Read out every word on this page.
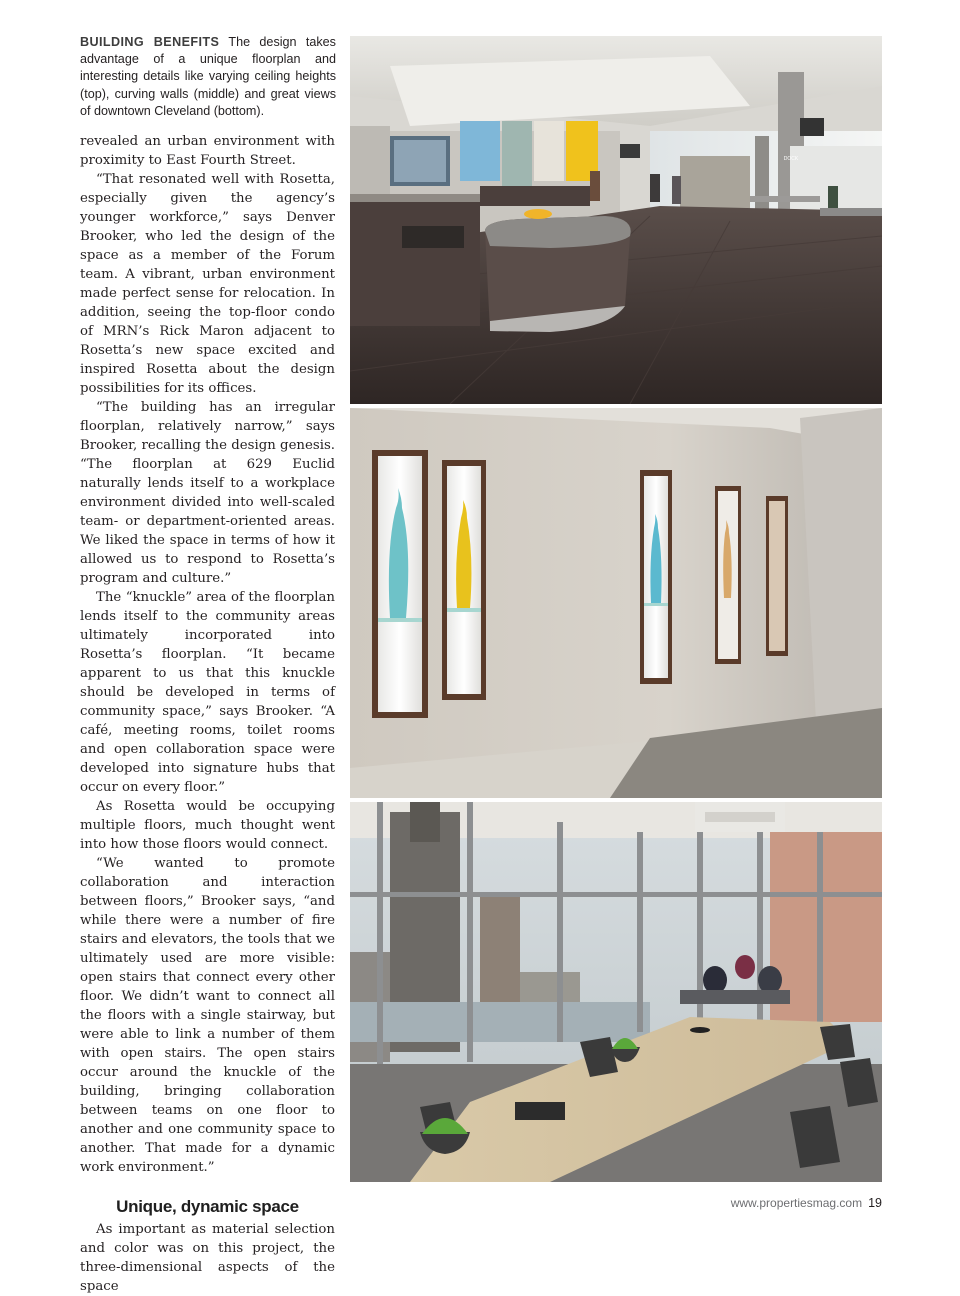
BUILDING BENEFITS The design takes advantage of a unique floorplan and interesting details like varying ceiling heights (top), curving walls (middle) and great views of downtown Cleveland (bottom).

revealed an urban environment with proximity to East Fourth Street.

“That resonated well with Rosetta, especially given the agency’s younger workforce,” says Denver Brooker, who led the design of the space as a member of the Forum team. A vibrant, urban environment made perfect sense for relocation. In addition, seeing the top-floor condo of MRN’s Rick Maron adjacent to Rosetta’s new space excited and inspired Rosetta about the design possibilities for its offices.

“The building has an irregular floorplan, relatively narrow,” says Brooker, recalling the design genesis. “The floorplan at 629 Euclid naturally lends itself to a workplace environment divided into well-scaled team- or department-oriented areas. We liked the space in terms of how it allowed us to respond to Rosetta’s program and culture.”

The “knuckle” area of the floorplan lends itself to the community areas ultimately incorporated into Rosetta’s floorplan. “It became apparent to us that this knuckle should be developed in terms of community space,” says Brooker. “A café, meeting rooms, toilet rooms and open collaboration space were developed into signature hubs that occur on every floor.”

As Rosetta would be occupying multiple floors, much thought went into how those floors would connect.

“We wanted to promote collaboration and interaction between floors,” Brooker says, “and while there were a number of fire stairs and elevators, the tools that we ultimately used are more visible: open stairs that connect every other floor. We didn’t want to connect all the floors with a single stairway, but were able to link a number of them with open stairs. The open stairs occur around the knuckle of the building, bringing collaboration between teams on one floor to another and one community space to another. That made for a dynamic work environment.”

Unique, dynamic space

As important as material selection and color was on this project, the three-dimensional aspects of the space

DOCK
www.propertiesmag.com 19
